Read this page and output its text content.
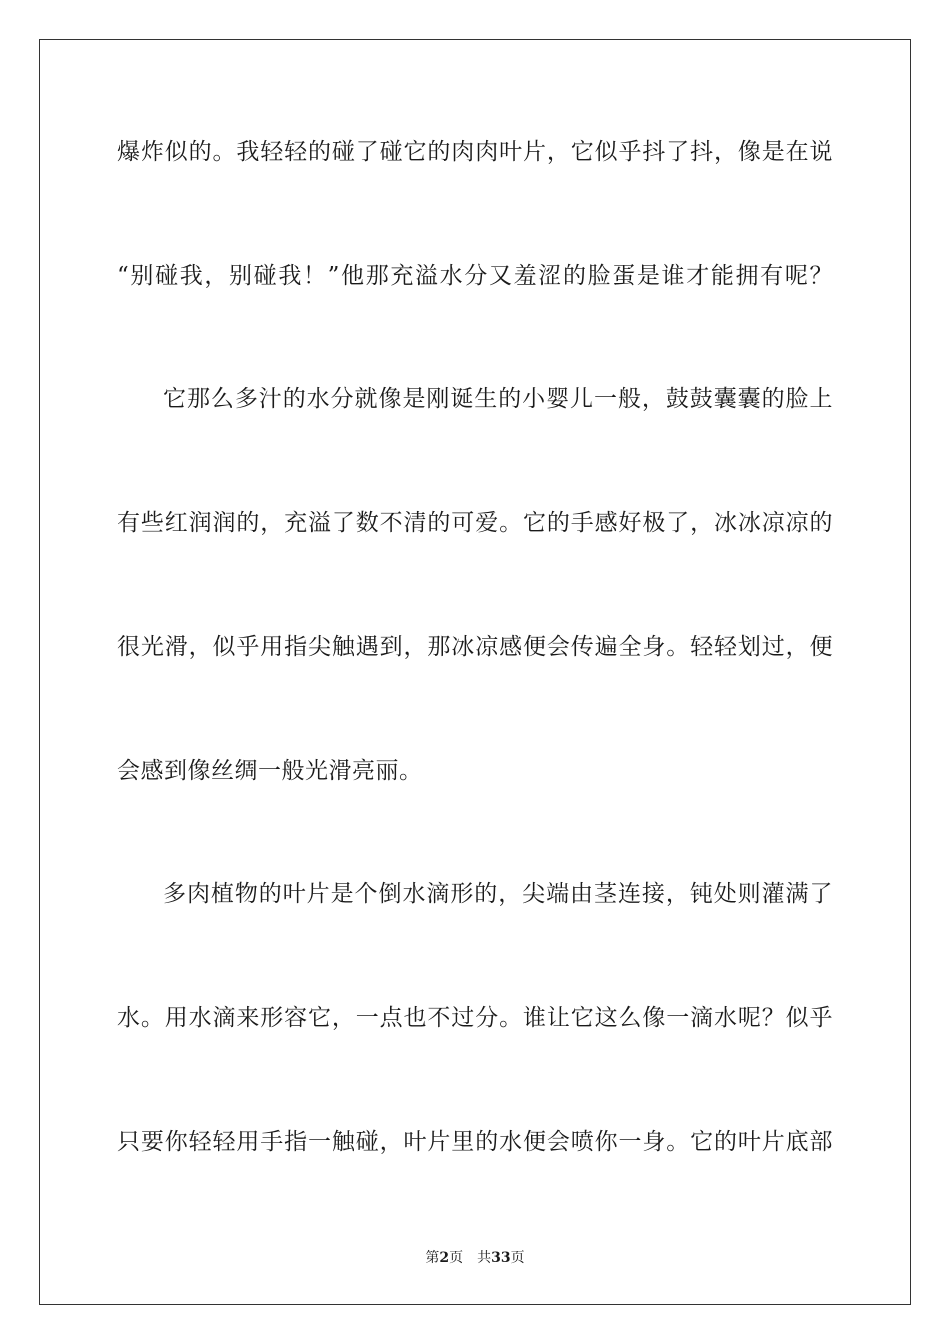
爆炸似的。我轻轻的碰了碰它的肉肉叶片，它似乎抖了抖，像是在说
“别碰我，别碰我！”他那充溢水分又羞涩的脸蛋是谁才能拥有呢？
它那么多汁的水分就像是刚诞生的小婴儿一般，鼓鼓囊囊的脸上
有些红润润的，充溢了数不清的可爱。它的手感好极了，冰冰凉凉的
很光滑，似乎用指尖触遇到，那冰凉感便会传遍全身。轻轻划过，便
会感到像丝绸一般光滑亮丽。
多肉植物的叶片是个倒水滴形的，尖端由茎连接，钝处则灌满了
水。用水滴来形容它，一点也不过分。谁让它这么像一滴水呢？似乎
只要你轻轻用手指一触碰，叶片里的水便会喷你一身。它的叶片底部
第2页 共33页
